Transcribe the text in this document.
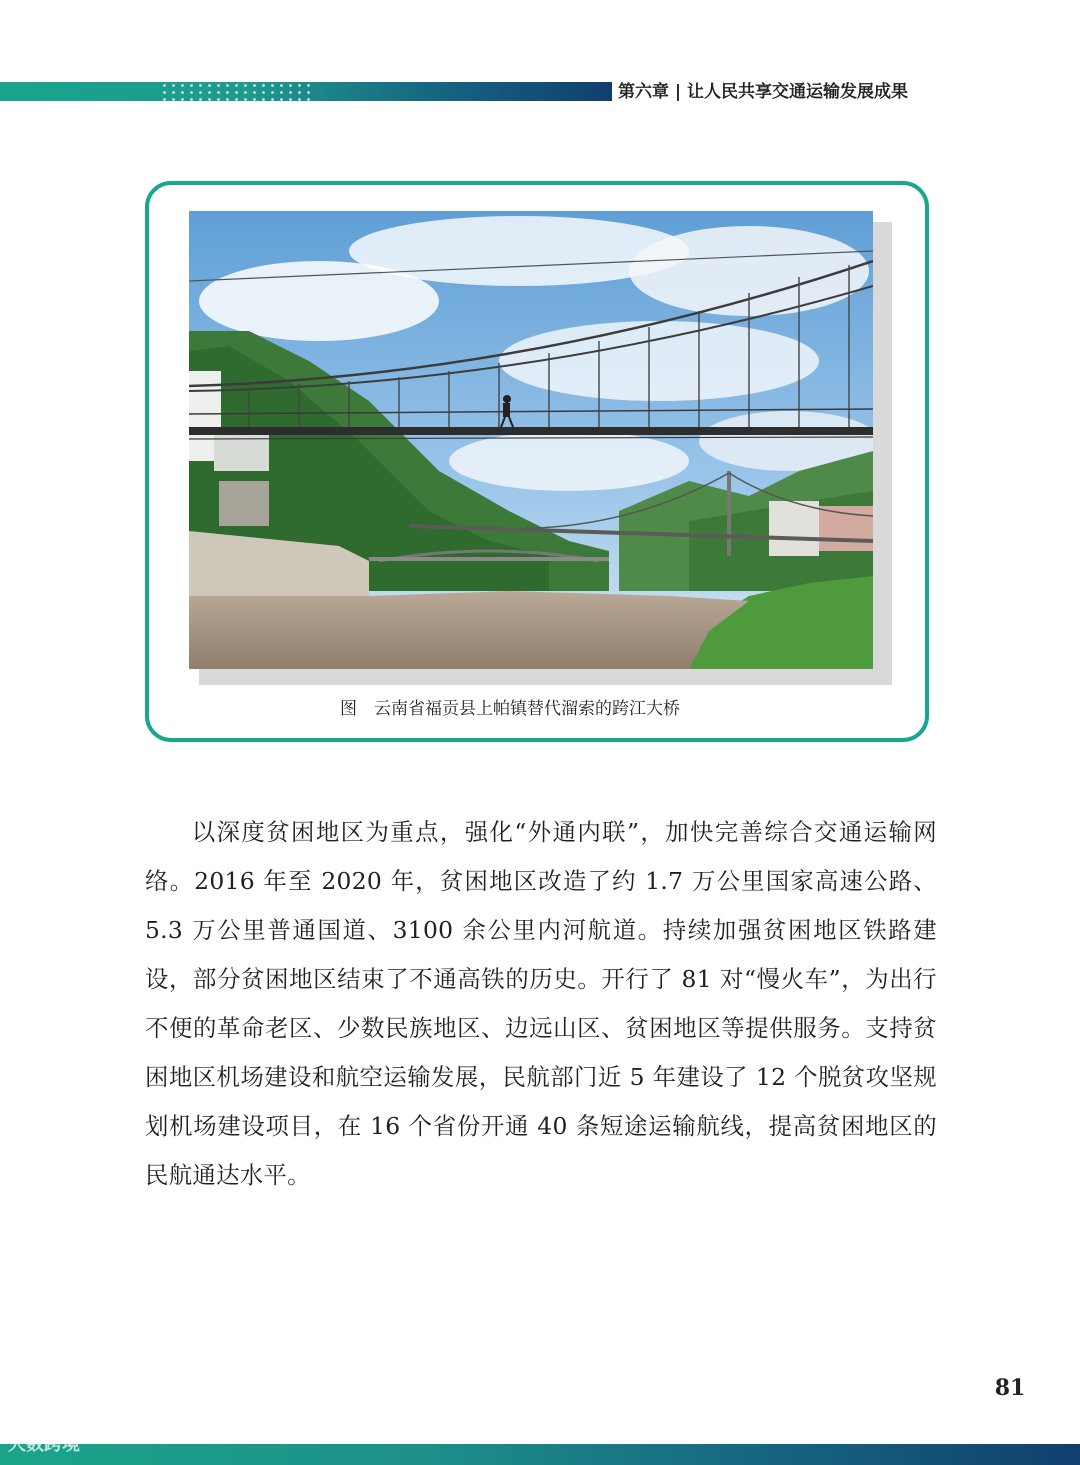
第六章 | 让人民共享交通运输发展成果
图　云南省福贡县上帕镇替代溜索的跨江大桥

以深度贫困地区为重点，强化“外通内联”，加快完善综合交通运输网络。2016 年至 2020 年，贫困地区改造了约 1.7 万公里国家高速公路、5.3 万公里普通国道、3100 余公里内河航道。持续加强贫困地区铁路建设，部分贫困地区结束了不通高铁的历史。开行了 81 对“慢火车”，为出行不便的革命老区、少数民族地区、边远山区、贫困地区等提供服务。支持贫困地区机场建设和航空运输发展，民航部门近 5 年建设了 12 个脱贫攻坚规划机场建设项目，在 16 个省份开通 40 条短途运输航线，提高贫困地区的民航通达水平。

81
大数跨境
